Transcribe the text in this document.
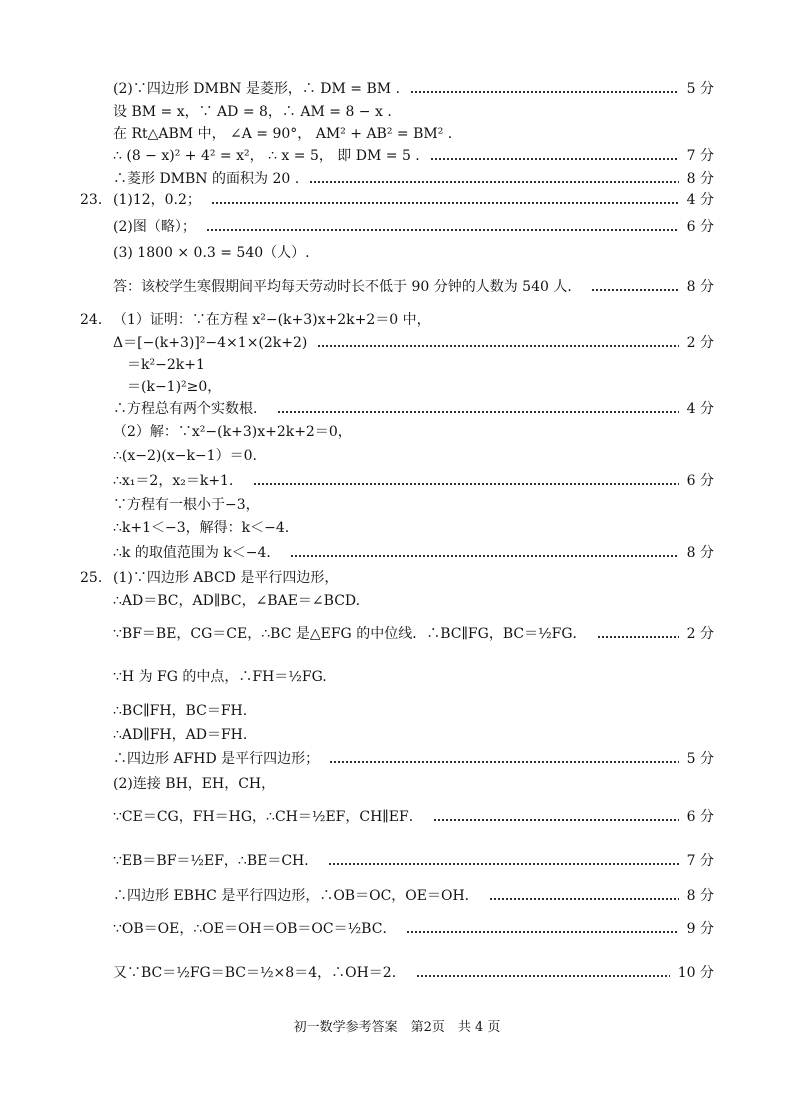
(2)∵四边形 DMBN 是菱形，∴ DM = BM .	5 分
设 BM = x，∵ AD = 8，∴ AM = 8 − x .
在 Rt△ABM 中， ∠A = 90°， AM² + AB² = BM² .
∴ (8 − x)² + 4² = x²， ∴ x = 5， 即 DM = 5 .	7 分
∴菱形 DMBN 的面积为 20 .	8 分
23． (1)12，0.2；	4 分
(2)图（略）；	6 分
(3) 1800 × 0.3 = 540（人）.
答：该校学生寒假期间平均每天劳动时长不低于 90 分钟的人数为 540 人．	8 分
24． （1）证明：∵在方程 x²−(k+3)x+2k+2＝0 中，
Δ＝[−(k+3)]²−4×1×(2k+2)	2 分
＝k²−2k+1
＝(k−1)²≥0，
∴方程总有两个实数根．	4 分
（2）解：∵x²−(k+3)x+2k+2＝0，
∴(x−2)(x−k−1）＝0.
∴x₁＝2，x₂＝k+1．	6 分
∵方程有一根小于−3，
∴k+1＜−3，解得：k＜−4.
∴k 的取值范围为 k＜−4．	8 分
25． (1)∵四边形 ABCD 是平行四边形，
∴AD＝BC，AD∥BC，∠BAE＝∠BCD.
∵BF＝BE，CG＝CE，∴BC 是△EFG 的中位线．∴BC∥FG，BC＝½FG．	2 分
∵H 为 FG 的中点，∴FH＝½FG.
∴BC∥FH，BC＝FH.
∴AD∥FH，AD＝FH.
∴四边形 AFHD 是平行四边形；	5 分
(2)连接 BH，EH，CH，
∵CE＝CG，FH＝HG，∴CH＝½EF，CH∥EF．	6 分
∵EB＝BF＝½EF，∴BE＝CH．	7 分
∴四边形 EBHC 是平行四边形，∴OB＝OC，OE＝OH．	8 分
∵OB＝OE，∴OE＝OH＝OB＝OC＝½BC．	9 分
又∵BC＝½FG＝BC＝½×8＝4，∴OH＝2．	10 分
初一数学参考答案　第2页　共 4 页
